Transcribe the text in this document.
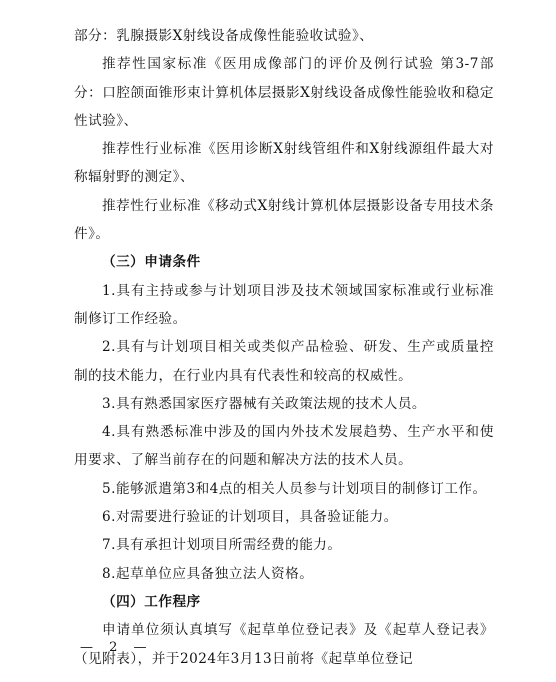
部分：乳腺摄影X射线设备成像性能验收试验》、

推荐性国家标准《医用成像部门的评价及例行试验 第3-7部分：口腔颌面锥形束计算机体层摄影X射线设备成像性能验收和稳定性试验》、

推荐性行业标准《医用诊断X射线管组件和X射线源组件最大对称辐射野的测定》、

推荐性行业标准《移动式X射线计算机体层摄影设备专用技术条件》。

（三）申请条件

1.具有主持或参与计划项目涉及技术领域国家标准或行业标准制修订工作经验。

2.具有与计划项目相关或类似产品检验、研发、生产或质量控制的技术能力，在行业内具有代表性和较高的权威性。

3.具有熟悉国家医疗器械有关政策法规的技术人员。

4.具有熟悉标准中涉及的国内外技术发展趋势、生产水平和使用要求、了解当前存在的问题和解决方法的技术人员。

5.能够派遣第3和4点的相关人员参与计划项目的制修订工作。

6.对需要进行验证的计划项目，具备验证能力。

7.具有承担计划项目所需经费的能力。

8.起草单位应具备独立法人资格。

（四）工作程序

申请单位须认真填写《起草单位登记表》及《起草人登记表》（见附表），并于2024年3月13日前将《起草单位登记

— 2 —
